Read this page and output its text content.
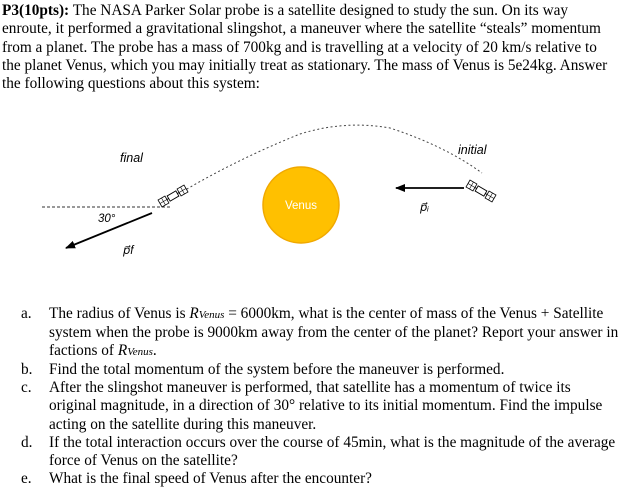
P3(10pts): The NASA Parker Solar probe is a satellite designed to study the sun. On its way enroute, it performed a gravitational slingshot, a maneuver where the satellite “steals” momentum from a planet. The probe has a mass of 700kg and is travelling at a velocity of 20 km/s relative to the planet Venus, which you may initially treat as stationary. The mass of Venus is 5e24kg. Answer the following questions about this system:
Venus
final
initial
30°
p⃗ᵢ
p⃗f
a.	The radius of Venus is RVenus = 6000km, what is the center of mass of the Venus + Satellite system when the probe is 9000km away from the center of the planet? Report your answer in factions of RVenus.
b.	Find the total momentum of the system before the maneuver is performed.
c.	After the slingshot maneuver is performed, that satellite has a momentum of twice its original magnitude, in a direction of 30° relative to its initial momentum. Find the impulse acting on the satellite during this maneuver.
d.	If the total interaction occurs over the course of 45min, what is the magnitude of the average force of Venus on the satellite?
e.	What is the final speed of Venus after the encounter?
